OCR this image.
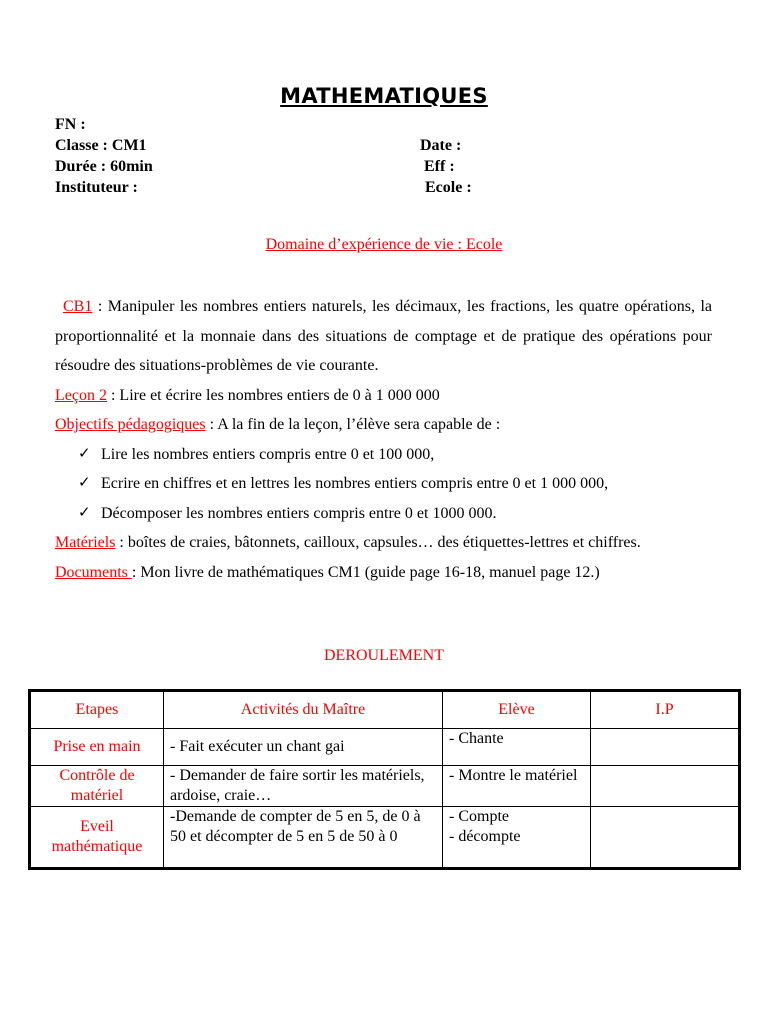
MATHEMATIQUES
FN :
Classe : CM1
Durée : 60min
Instituteur :
Date :
Eff :
Ecole :
Domaine d’expérience de vie : Ecole
CB1 : Manipuler les nombres entiers naturels, les décimaux, les fractions, les quatre opérations, la proportionnalité et la monnaie dans des situations de comptage et de pratique des opérations pour résoudre des situations-problèmes de vie courante.
Leçon 2 : Lire et écrire les nombres entiers de 0 à 1 000 000
Objectifs pédagogiques : A la fin de la leçon, l’élève sera capable de :
✓ Lire les nombres entiers compris entre 0 et 100 000,
✓ Ecrire en chiffres et en lettres les nombres entiers compris entre 0 et 1 000 000,
✓ Décomposer les nombres entiers compris entre 0 et 1000 000.
Matériels : boîtes de craies, bâtonnets, cailloux, capsules… des étiquettes-lettres et chiffres.
Documents : Mon livre de mathématiques CM1 (guide page 16-18, manuel page 12.)
DEROULEMENT
Etapes	Activités du Maître	Elève	I.P
Prise en main	- Fait exécuter un chant gai	- Chante	
Contrôle de matériel	- Demander de faire sortir les matériels, ardoise, craie…	- Montre le matériel	
Eveil mathématique	-Demande de compter de 5 en 5, de 0 à 50 et décompter de 5 en 5 de 50 à 0	- Compte
- décompte	
